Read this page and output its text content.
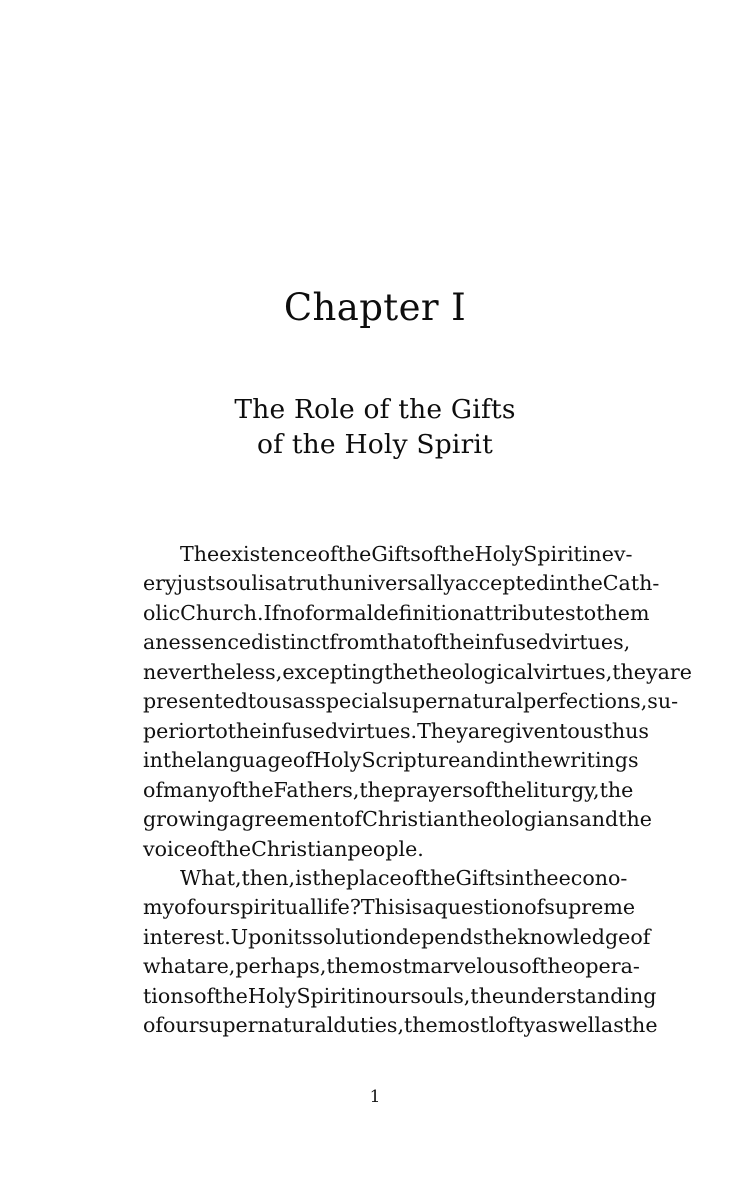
Chapter I
The Role of the Gifts
of the Holy Spirit
The existence of the Gifts of the Holy Spirit in ev-
ery just soul is a truth universally accepted in the Cath-
olic Church. If no formal definition attributes to them
an essence distinct from that of the infused virtues,
nevertheless, excepting the theological virtues, they are
presented to us as special supernatural perfections, su-
perior to the infused virtues. They are given to us thus
in the language of Holy Scripture and in the writings
of many of the Fathers, the prayers of the liturgy, the
growing agreement of Christian theologians and the
voice of the Christian people.
What, then, is the place of the Gifts in the econo-
my of our spiritual life? This is a question of supreme
interest. Upon its solution depends the knowledge of
what are, perhaps, the most marvelous of the opera-
tions of the Holy Spirit in our souls, the understanding
of our supernatural duties, the most lofty as well as the
1
